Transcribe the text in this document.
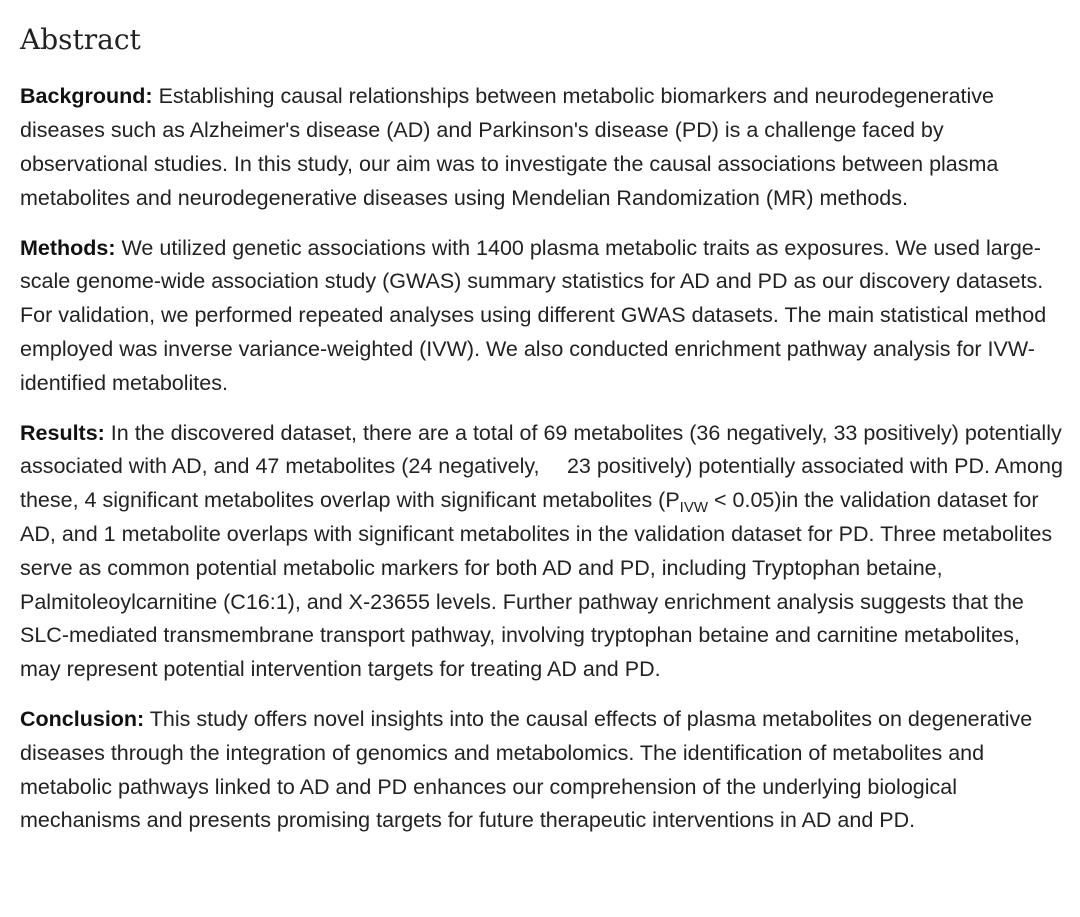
Abstract

Background: Establishing causal relationships between metabolic biomarkers and neurodegenerative diseases such as Alzheimer's disease (AD) and Parkinson's disease (PD) is a challenge faced by observational studies. In this study, our aim was to investigate the causal associations between plasma metabolites and neurodegenerative diseases using Mendelian Randomization (MR) methods.

Methods: We utilized genetic associations with 1400 plasma metabolic traits as exposures. We used large-scale genome-wide association study (GWAS) summary statistics for AD and PD as our discovery datasets. For validation, we performed repeated analyses using different GWAS datasets. The main statistical method employed was inverse variance-weighted (IVW). We also conducted enrichment pathway analysis for IVW-identified metabolites.

Results: In the discovered dataset, there are a total of 69 metabolites (36 negatively, 33 positively) potentially associated with AD, and 47 metabolites (24 negatively,  23 positively) potentially associated with PD. Among these, 4 significant metabolites overlap with significant metabolites $(P_{IVW} < 0.05)in$ the validation dataset for AD, and 1 metabolite overlaps with significant metabolites in the validation dataset for PD. Three metabolites serve as common potential metabolic markers for both AD and PD, including Tryptophan betaine, Palmitoleoylcarnitine (C16:1), and X-23655 levels. Further pathway enrichment analysis suggests that the SLC-mediated transmembrane transport pathway, involving tryptophan betaine and carnitine metabolites, may represent potential intervention targets for treating AD and PD.

Conclusion: This study offers novel insights into the causal effects of plasma metabolites on degenerative diseases through the integration of genomics and metabolomics. The identification of metabolites and metabolic pathways linked to AD and PD enhances our comprehension of the underlying biological mechanisms and presents promising targets for future therapeutic interventions in AD and PD.
